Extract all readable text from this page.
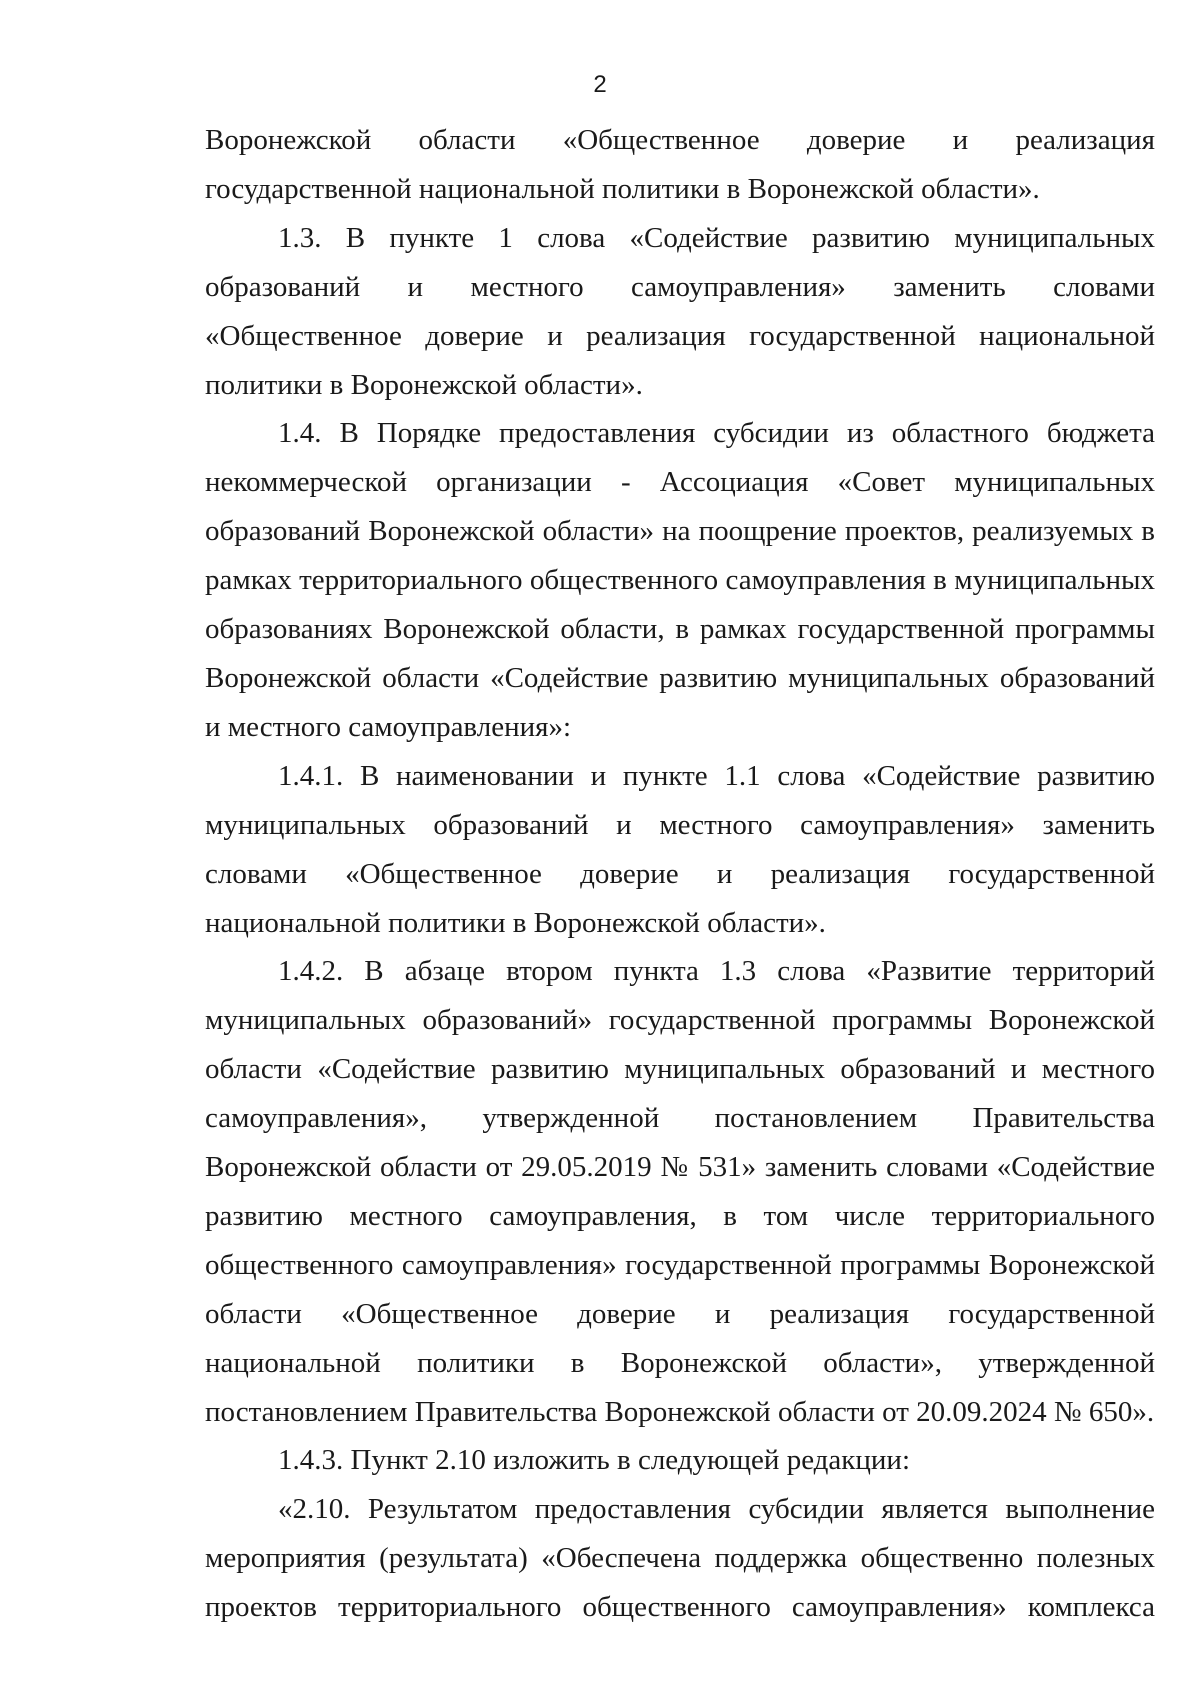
2

Воронежской области «Общественное доверие и реализация государственной национальной политики в Воронежской области».

1.3. В пункте 1 слова «Содействие развитию муниципальных образований и местного самоуправления» заменить словами «Общественное доверие и реализация государственной национальной политики в Воронежской области».

1.4. В Порядке предоставления субсидии из областного бюджета некоммерческой организации - Ассоциация «Совет муниципальных образований Воронежской области» на поощрение проектов, реализуемых в рамках территориального общественного самоуправления в муниципальных образованиях Воронежской области, в рамках государственной программы Воронежской области «Содействие развитию муниципальных образований и местного самоуправления»:

1.4.1. В наименовании и пункте 1.1 слова «Содействие развитию муниципальных образований и местного самоуправления» заменить словами «Общественное доверие и реализация государственной национальной политики в Воронежской области».

1.4.2. В абзаце втором пункта 1.3 слова «Развитие территорий муниципальных образований» государственной программы Воронежской области «Содействие развитию муниципальных образований и местного самоуправления», утвержденной постановлением Правительства Воронежской области от 29.05.2019 № 531» заменить словами «Содействие развитию местного самоуправления, в том числе территориального общественного самоуправления» государственной программы Воронежской области «Общественное доверие и реализация государственной национальной политики в Воронежской области», утвержденной постановлением Правительства Воронежской области от 20.09.2024 № 650».

1.4.3. Пункт 2.10 изложить в следующей редакции:

«2.10. Результатом предоставления субсидии является выполнение мероприятия (результата) «Обеспечена поддержка общественно полезных проектов территориального общественного самоуправления» комплекса
